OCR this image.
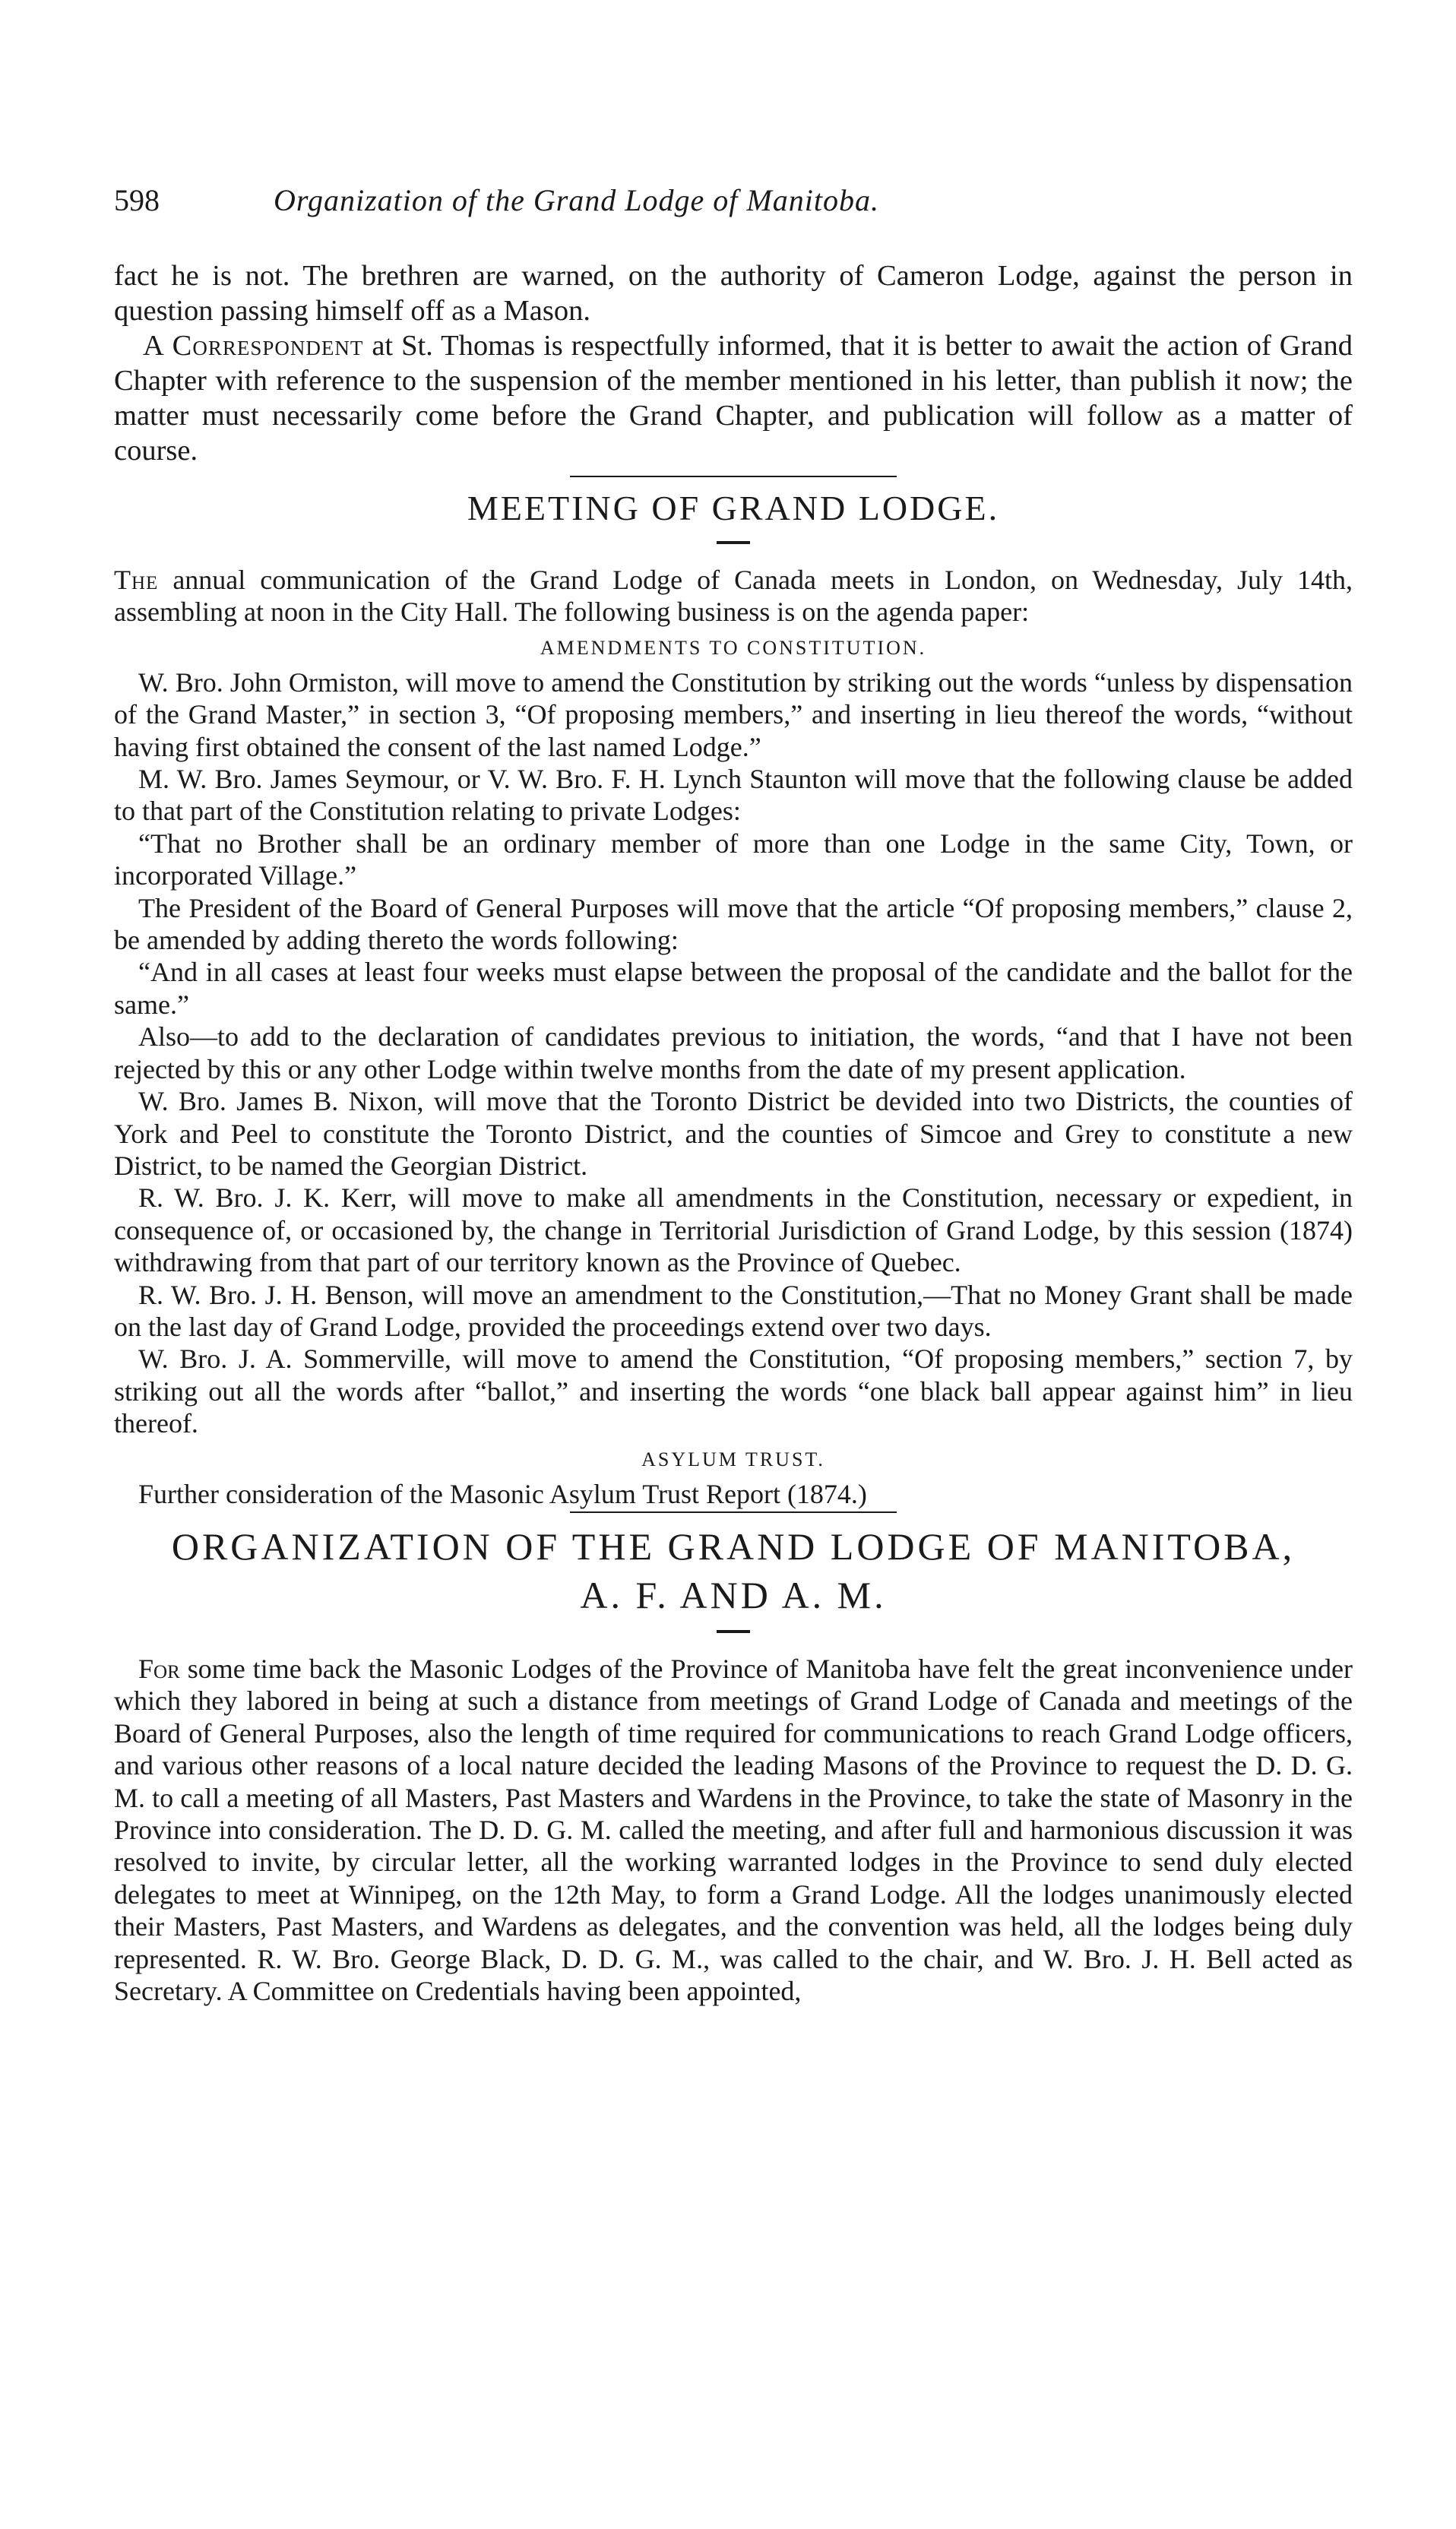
598	Organization of the Grand Lodge of Manitoba.

fact he is not. The brethren are warned, on the authority of Cameron Lodge, against the person in question passing himself off as a Mason.

A Correspondent at St. Thomas is respectfully informed, that it is better to await the action of Grand Chapter with reference to the suspension of the member mentioned in his letter, than publish it now; the matter must necessarily come before the Grand Chapter, and publication will follow as a matter of course.

MEETING OF GRAND LODGE.

The annual communication of the Grand Lodge of Canada meets in London, on Wednesday, July 14th, assembling at noon in the City Hall. The following business is on the agenda paper:

AMENDMENTS TO CONSTITUTION.

W. Bro. John Ormiston, will move to amend the Constitution by striking out the words “unless by dispensation of the Grand Master,” in section 3, “Of proposing members,” and inserting in lieu thereof the words, “without having first obtained the consent of the last named Lodge.”

M. W. Bro. James Seymour, or V. W. Bro. F. H. Lynch Staunton will move that the following clause be added to that part of the Constitution relating to private Lodges:

“That no Brother shall be an ordinary member of more than one Lodge in the same City, Town, or incorporated Village.”

The President of the Board of General Purposes will move that the article “Of proposing members,” clause 2, be amended by adding thereto the words following:

“And in all cases at least four weeks must elapse between the proposal of the candidate and the ballot for the same.”

Also—to add to the declaration of candidates previous to initiation, the words, “and that I have not been rejected by this or any other Lodge within twelve months from the date of my present application.

W. Bro. James B. Nixon, will move that the Toronto District be devided into two Districts, the counties of York and Peel to constitute the Toronto District, and the counties of Simcoe and Grey to constitute a new District, to be named the Georgian District.

R. W. Bro. J. K. Kerr, will move to make all amendments in the Constitution, necessary or expedient, in consequence of, or occasioned by, the change in Territorial Jurisdiction of Grand Lodge, by this session (1874) withdrawing from that part of our territory known as the Province of Quebec.

R. W. Bro. J. H. Benson, will move an amendment to the Constitution,—That no Money Grant shall be made on the last day of Grand Lodge, provided the proceedings extend over two days.

W. Bro. J. A. Sommerville, will move to amend the Constitution, “Of proposing members,” section 7, by striking out all the words after “ballot,” and inserting the words “one black ball appear against him” in lieu thereof.

ASYLUM TRUST.

Further consideration of the Masonic Asylum Trust Report (1874.)

ORGANIZATION OF THE GRAND LODGE OF MANITOBA,
A. F. AND A. M.

For some time back the Masonic Lodges of the Province of Manitoba have felt the great inconvenience under which they labored in being at such a distance from meetings of Grand Lodge of Canada and meetings of the Board of General Purposes, also the length of time required for communications to reach Grand Lodge officers, and various other reasons of a local nature decided the leading Masons of the Province to request the D. D. G. M. to call a meeting of all Masters, Past Masters and Wardens in the Province, to take the state of Masonry in the Province into consideration. The D. D. G. M. called the meeting, and after full and harmonious discussion it was resolved to invite, by circular letter, all the working warranted lodges in the Province to send duly elected delegates to meet at Winnipeg, on the 12th May, to form a Grand Lodge. All the lodges unanimously elected their Masters, Past Masters, and Wardens as delegates, and the convention was held, all the lodges being duly represented. R. W. Bro. George Black, D. D. G. M., was called to the chair, and W. Bro. J. H. Bell acted as Secretary. A Committee on Credentials having been appointed,
